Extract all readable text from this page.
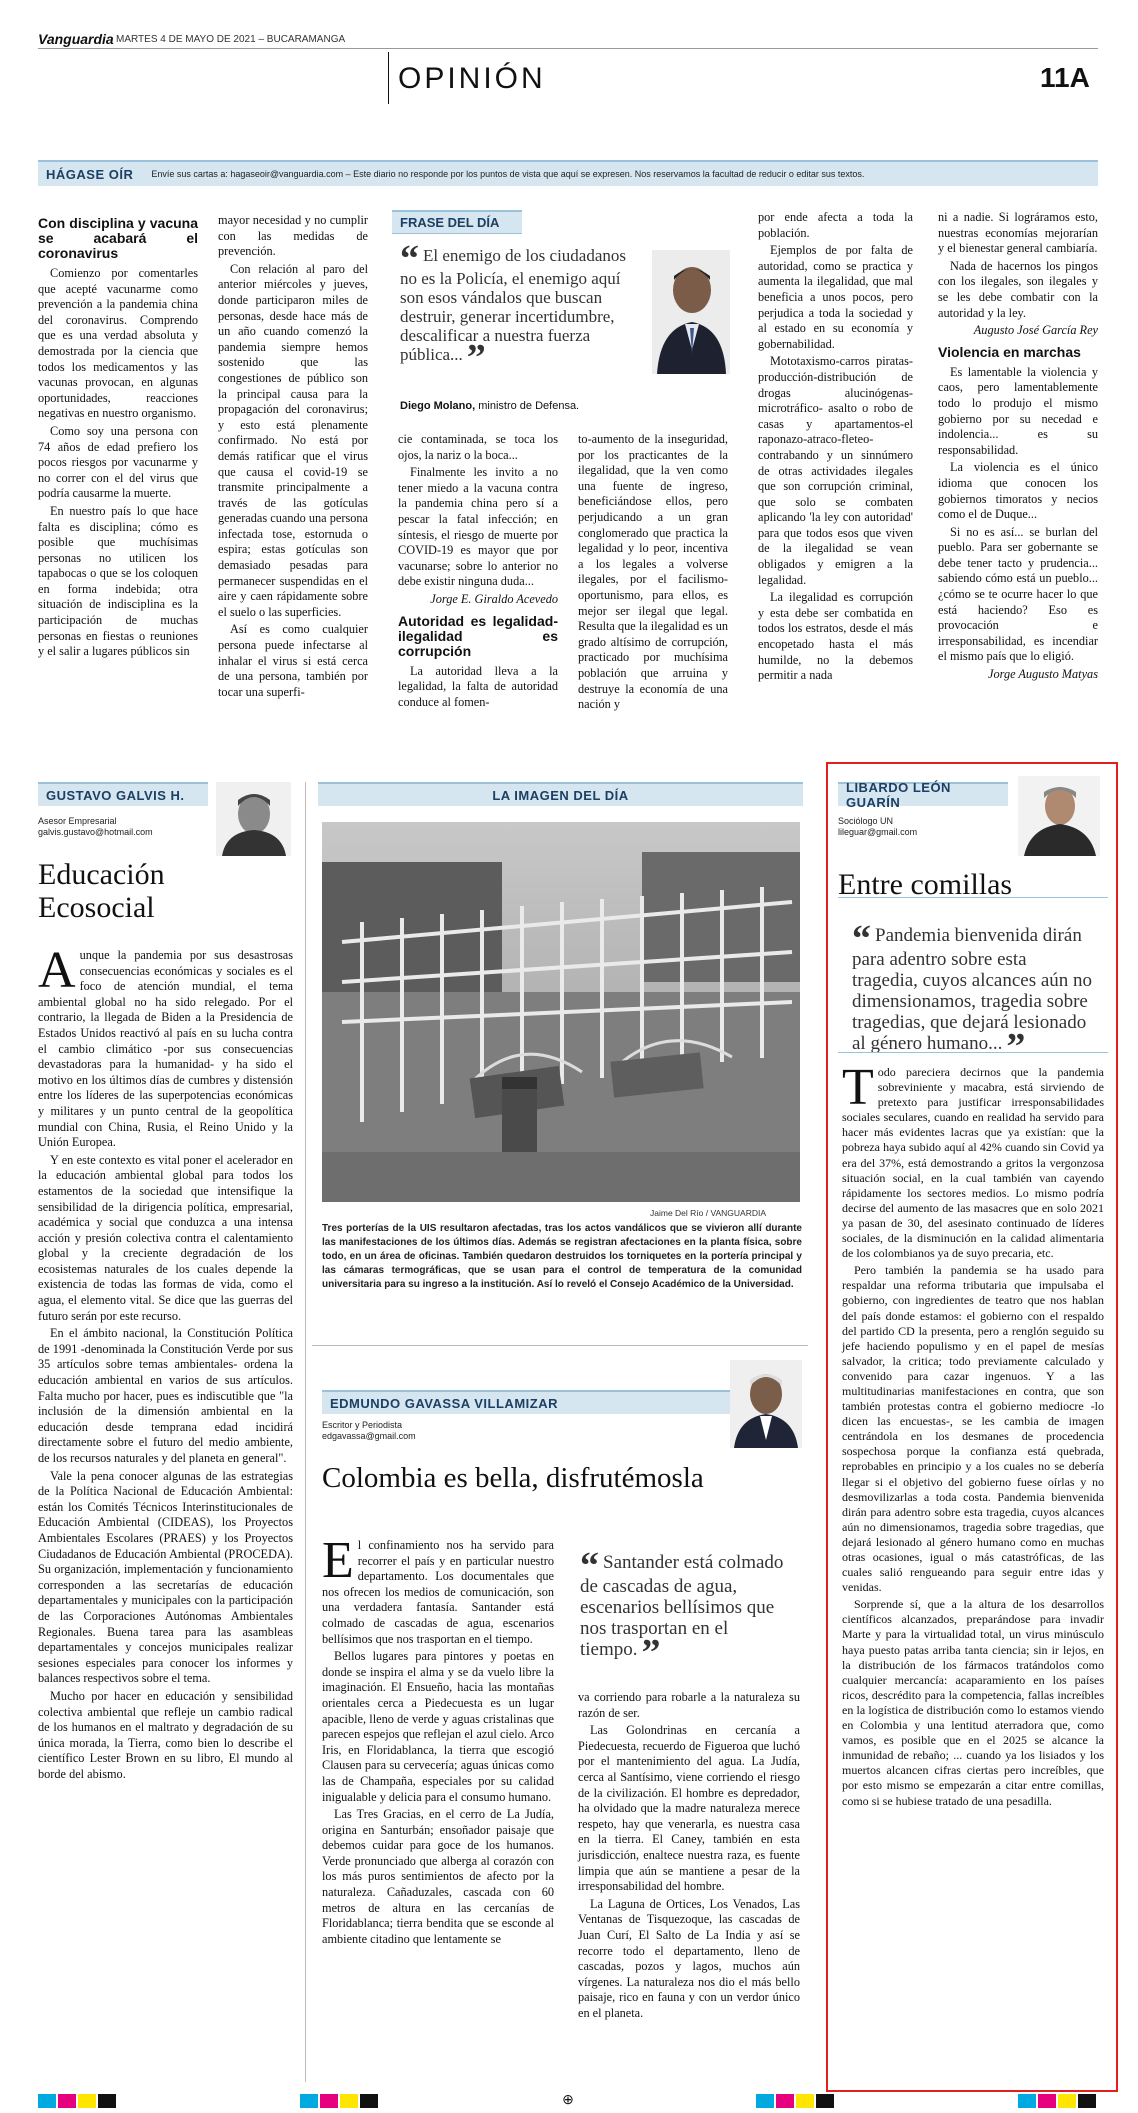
Vanguardia MARTES 4 DE MAYO DE 2021 – BUCARAMANGA
OPINIÓN	11A
HÁGASE OÍR Envíe sus cartas a: hagaseoir@vanguardia.com – Este diario no responde por los puntos de vista que aquí se expresen. Nos reservamos la facultad de reducir o editar sus textos.
Con disciplina y vacuna se acabará el coronavirus

Comienzo por comentarles que acepté vacunarme como prevención a la pandemia china del coronavirus. Comprendo que es una verdad absoluta y demostrada por la ciencia que todos los medicamentos y las vacunas provocan, en algunas oportunidades, reacciones negativas en nuestro organismo.

Como soy una persona con 74 años de edad prefiero los pocos riesgos por vacunarme y no correr con el del virus que podría causarme la muerte.

En nuestro país lo que hace falta es disciplina; cómo es posible que muchísimas personas no utilicen los tapabocas o que se los coloquen en forma indebida; otra situación de indisciplina es la participación de muchas personas en fiestas o reuniones y el salir a lugares públicos sin

mayor necesidad y no cumplir con las medidas de prevención.

Con relación al paro del anterior miércoles y jueves, donde participaron miles de personas, desde hace más de un año cuando comenzó la pandemia siempre hemos sostenido que las congestiones de público son la principal causa para la propagación del coronavirus; y esto está plenamente confirmado. No está por demás ratificar que el virus que causa el covid-19 se transmite principalmente a través de las gotículas generadas cuando una persona infectada tose, estornuda o espira; estas gotículas son demasiado pesadas para permanecer suspendidas en el aire y caen rápidamente sobre el suelo o las superficies.

Así es como cualquier persona puede infectarse al inhalar el virus si está cerca de una persona, también por tocar una superfi-

FRASE DEL DÍA
“ El enemigo de los ciudadanos no es la Policía, el enemigo aquí son esos vándalos que buscan destruir, generar incertidumbre, descalificar a nuestra fuerza pública... ”
Diego Molano, ministro de Defensa.

cie contaminada, se toca los ojos, la nariz o la boca...

Finalmente les invito a no tener miedo a la vacuna contra la pandemia china pero sí a pescar la fatal infección; en síntesis, el riesgo de muerte por COVID-19 es mayor que por vacunarse; sobre lo anterior no debe existir ninguna duda...

Jorge E. Giraldo Acevedo
Autoridad es legalidad-ilegalidad es corrupción

La autoridad lleva a la legalidad, la falta de autoridad conduce al fomen-

to-aumento de la inseguridad, por los practicantes de la ilegalidad, que la ven como una fuente de ingreso, beneficiándose ellos, pero perjudicando a un gran conglomerado que practica la legalidad y lo peor, incentiva a los legales a volverse ilegales, por el facilismo-oportunismo, para ellos, es mejor ser ilegal que legal. Resulta que la ilegalidad es un grado altísimo de corrupción, practicado por muchísima población que arruina y destruye la economía de una nación y

por ende afecta a toda la población.

Ejemplos de por falta de autoridad, como se practica y aumenta la ilegalidad, que mal beneficia a unos pocos, pero perjudica a toda la sociedad y al estado en su economía y gobernabilidad.

Mototaxismo-carros piratas-producción-distribución de drogas alucinógenas-microtráfico- asalto o robo de casas y apartamentos-el raponazo-atraco-fleteo-contrabando y un sinnúmero de otras actividades ilegales que son corrupción criminal, que solo se combaten aplicando 'la ley con autoridad' para que todos esos que viven de la ilegalidad se vean obligados y emigren a la legalidad.

La ilegalidad es corrupción y esta debe ser combatida en todos los estratos, desde el más encopetado hasta el más humilde, no la debemos permitir a nada

ni a nadie. Si lográramos esto, nuestras economías mejorarían y el bienestar general cambiaría.

Nada de hacernos los pingos con los ilegales, son ilegales y se les debe combatir con la autoridad y la ley.

Augusto José García Rey
Violencia en marchas

Es lamentable la violencia y caos, pero lamentablemente todo lo produjo el mismo gobierno por su necedad e indolencia... es su responsabilidad.

La violencia es el único idioma que conocen los gobiernos timoratos y necios como el de Duque...

Si no es así... se burlan del pueblo. Para ser gobernante se debe tener tacto y prudencia... sabiendo cómo está un pueblo... ¿cómo se te ocurre hacer lo que está haciendo? Eso es provocación e irresponsabilidad, es incendiar el mismo país que lo eligió.

Jorge Augusto Matyas
GUSTAVO GALVIS H.
Asesor Empresarial
galvis.gustavo@hotmail.com
Educación Ecosocial
A unque la pandemia por sus desastrosas consecuencias económicas y sociales es el foco de atención mundial, el tema ambiental global no ha sido relegado. Por el contrario, la llegada de Biden a la Presidencia de Estados Unidos reactivó al país en su lucha contra el cambio climático -por sus consecuencias devastadoras para la humanidad- y ha sido el motivo en los últimos días de cumbres y distensión entre los líderes de las superpotencias económicas y militares y un punto central de la geopolítica mundial con China, Rusia, el Reino Unido y la Unión Europea.

Y en este contexto es vital poner el acelerador en la educación ambiental global para todos los estamentos de la sociedad que intensifique la sensibilidad de la dirigencia política, empresarial, académica y social que conduzca a una intensa acción y presión colectiva contra el calentamiento global y la creciente degradación de los ecosistemas naturales de los cuales depende la existencia de todas las formas de vida, como el agua, el elemento vital. Se dice que las guerras del futuro serán por este recurso.

En el ámbito nacional, la Constitución Política de 1991 -denominada la Constitución Verde por sus 35 artículos sobre temas ambientales- ordena la educación ambiental en varios de sus artículos. Falta mucho por hacer, pues es indiscutible que "la inclusión de la dimensión ambiental en la educación desde temprana edad incidirá directamente sobre el futuro del medio ambiente, de los recursos naturales y del planeta en general".

Vale la pena conocer algunas de las estrategias de la Política Nacional de Educación Ambiental: están los Comités Técnicos Interinstitucionales de Educación Ambiental (CIDEAS), los Proyectos Ambientales Escolares (PRAES) y los Proyectos Ciudadanos de Educación Ambiental (PROCEDA). Su organización, implementación y funcionamiento corresponden a las secretarías de educación departamentales y municipales con la participación de las Corporaciones Autónomas Ambientales Regionales. Buena tarea para las asambleas departamentales y concejos municipales realizar sesiones especiales para conocer los informes y balances respectivos sobre el tema.

Mucho por hacer en educación y sensibilidad colectiva ambiental que refleje un cambio radical de los humanos en el maltrato y degradación de su única morada, la Tierra, como bien lo describe el científico Lester Brown en su libro, El mundo al borde del abismo.

LA IMAGEN DEL DÍA
Jaime Del Río / VANGUARDIA
Tres porterías de la UIS resultaron afectadas, tras los actos vandálicos que se vivieron allí durante las manifestaciones de los últimos días. Además se registran afectaciones en la planta física, sobre todo, en un área de oficinas. También quedaron destruidos los torniquetes en la portería principal y las cámaras termográficas, que se usan para el control de temperatura de la comunidad universitaria para su ingreso a la institución. Así lo reveló el Consejo Académico de la Universidad.
EDMUNDO GAVASSA VILLAMIZAR
Escritor y Periodista
edgavassa@gmail.com
Colombia es bella, disfrutémosla
E l confinamiento nos ha servido para recorrer el país y en particular nuestro departamento. Los documentales que nos ofrecen los medios de comunicación, son una verdadera fantasía. Santander está colmado de cascadas de agua, escenarios bellísimos que nos trasportan en el tiempo.

Bellos lugares para pintores y poetas en donde se inspira el alma y se da vuelo libre la imaginación. El Ensueño, hacia las montañas orientales cerca a Piedecuesta es un lugar apacible, lleno de verde y aguas cristalinas que parecen espejos que reflejan el azul cielo. Arco Iris, en Floridablanca, la tierra que escogió Clausen para su cervecería; aguas únicas como las de Champaña, especiales por su calidad inigualable y delicia para el consumo humano.

Las Tres Gracias, en el cerro de La Judía, origina en Santurbán; ensoñador paisaje que debemos cuidar para goce de los humanos. Verde pronunciado que alberga al corazón con los más puros sentimientos de afecto por la naturaleza. Cañaduzales, cascada con 60 metros de altura en las cercanías de Floridablanca; tierra bendita que se esconde al ambiente citadino que lentamente se

“ Santander está colmado de cascadas de agua, escenarios bellísimos que nos trasportan en el tiempo. ”

va corriendo para robarle a la naturaleza su razón de ser.

Las Golondrinas en cercanía a Piedecuesta, recuerdo de Figueroa que luchó por el mantenimiento del agua. La Judía, cerca al Santísimo, viene corriendo el riesgo de la civilización. El hombre es depredador, ha olvidado que la madre naturaleza merece respeto, hay que venerarla, es nuestra casa en la tierra. El Caney, también en esta jurisdicción, enaltece nuestra raza, es fuente limpia que aún se mantiene a pesar de la irresponsabilidad del hombre.

La Laguna de Ortices, Los Venados, Las Ventanas de Tisquezoque, las cascadas de Juan Curí, El Salto de La India y así se recorre todo el departamento, lleno de cascadas, pozos y lagos, muchos aún vírgenes. La naturaleza nos dio el más bello paisaje, rico en fauna y con un verdor único en el planeta.

LIBARDO LEÓN GUARÍN
Sociólogo UN
lileguar@gmail.com
Entre comillas
“ Pandemia bienvenida dirán para adentro sobre esta tragedia, cuyos alcances aún no dimensionamos, tragedia sobre tragedias, que dejará lesionado al género humano... ”
T odo pareciera decirnos que la pandemia sobreviniente y macabra, está sirviendo de pretexto para justificar irresponsabilidades sociales seculares, cuando en realidad ha servido para hacer más evidentes lacras que ya existían: que la pobreza haya subido aquí al 42% cuando sin Covid ya era del 37%, está demostrando a gritos la vergonzosa situación social, en la cual también van cayendo rápidamente los sectores medios. Lo mismo podría decirse del aumento de las masacres que en solo 2021 ya pasan de 30, del asesinato continuado de líderes sociales, de la disminución en la calidad alimentaria de los colombianos ya de suyo precaria, etc.

Pero también la pandemia se ha usado para respaldar una reforma tributaria que impulsaba el gobierno, con ingredientes de teatro que nos hablan del país donde estamos: el gobierno con el respaldo del partido CD la presenta, pero a renglón seguido su jefe haciendo populismo y en el papel de mesías salvador, la critica; todo previamente calculado y convenido para cazar ingenuos. Y a las multitudinarias manifestaciones en contra, que son también protestas contra el gobierno mediocre -lo dicen las encuestas-, se les cambia de imagen centrándola en los desmanes de procedencia sospechosa porque la confianza está quebrada, reprobables en principio y a los cuales no se debería llegar si el objetivo del gobierno fuese oírlas y no desmovilizarlas a toda costa. Pandemia bienvenida dirán para adentro sobre esta tragedia, cuyos alcances aún no dimensionamos, tragedia sobre tragedias, que dejará lesionado al género humano como en muchas otras ocasiones, igual o más catastróficas, de las cuales salió rengueando para seguir entre idas y venidas.

Sorprende sí, que a la altura de los desarrollos científicos alcanzados, preparándose para invadir Marte y para la virtualidad total, un virus minúsculo haya puesto patas arriba tanta ciencia; sin ir lejos, en la distribución de los fármacos tratándolos como cualquier mercancía: acaparamiento en los países ricos, descrédito para la competencia, fallas increíbles en la logística de distribución como lo estamos viendo en Colombia y una lentitud aterradora que, como vamos, es posible que en el 2025 se alcance la inmunidad de rebaño; ... cuando ya los lisiados y los muertos alcancen cifras ciertas pero increíbles, que por esto mismo se empezarán a citar entre comillas, como si se hubiese tratado de una pesadilla.

⊕
